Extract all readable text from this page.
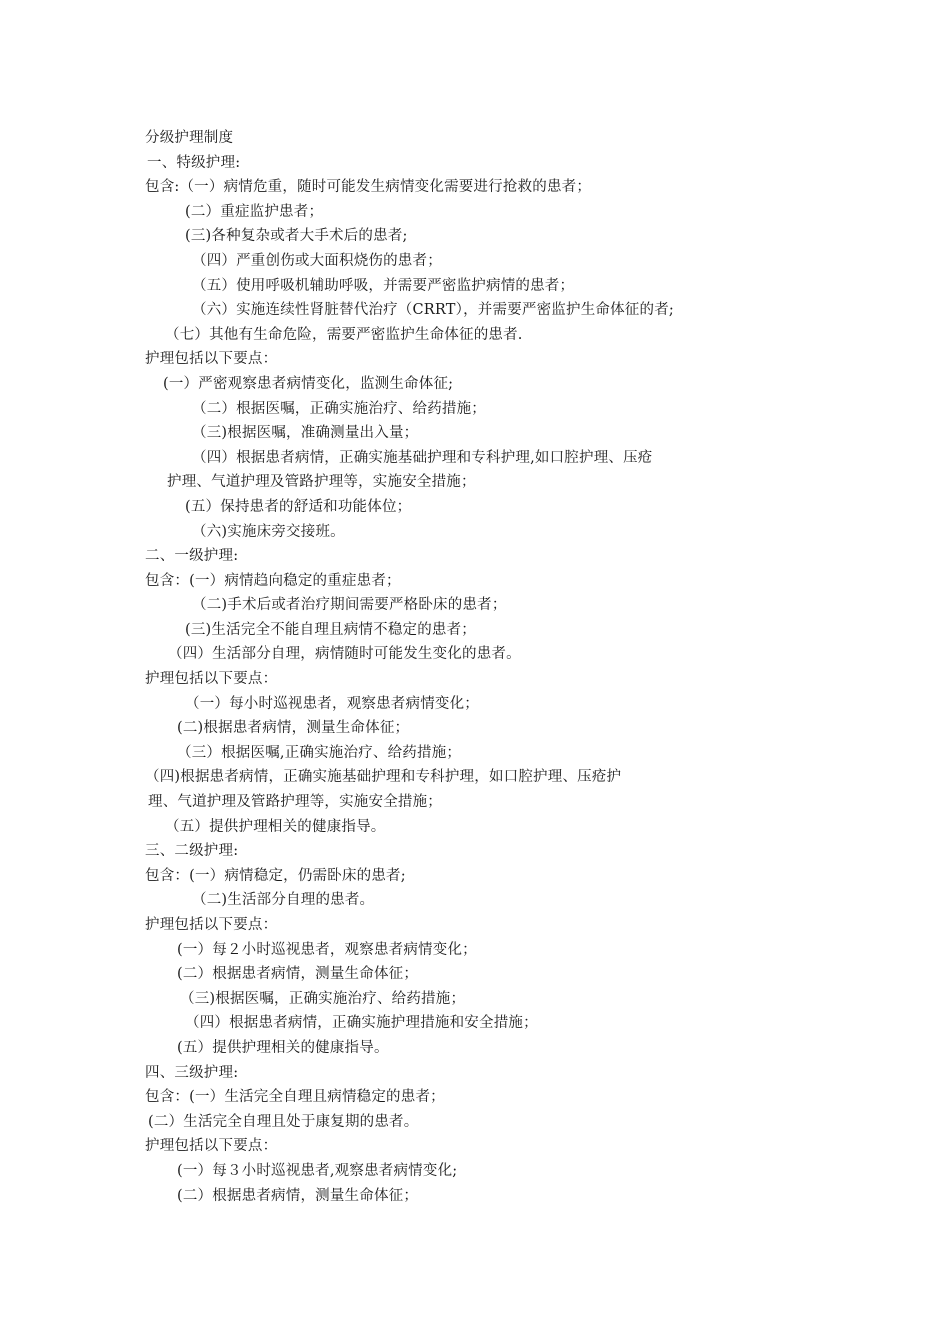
分级护理制度
一、特级护理:
包含:（一）病情危重，随时可能发生病情变化需要进行抢救的患者；
(二）重症监护患者；
(三)各种复杂或者大手术后的患者;
（四）严重创伤或大面积烧伤的患者；
（五）使用呼吸机辅助呼吸，并需要严密监护病情的患者；
（六）实施连续性肾脏替代治疗（CRRT），并需要严密监护生命体征的者;
（七）其他有生命危险，需要严密监护生命体征的患者.
护理包括以下要点：
(一）严密观察患者病情变化，监测生命体征;
（二）根据医嘱，正确实施治疗、给药措施；
（三)根据医嘱，准确测量出入量；
（四）根据患者病情，正确实施基础护理和专科护理,如口腔护理、压疮
护理、气道护理及管路护理等，实施安全措施；
(五）保持患者的舒适和功能体位；
（六)实施床旁交接班。
二、一级护理:
包含：(一）病情趋向稳定的重症患者；
（二)手术后或者治疗期间需要严格卧床的患者；
(三)生活完全不能自理且病情不稳定的患者；
（四）生活部分自理，病情随时可能发生变化的患者。
护理包括以下要点：
（一）每小时巡视患者，观察患者病情变化；
(二)根据患者病情，测量生命体征；
（三）根据医嘱,正确实施治疗、给药措施；
（四)根据患者病情，正确实施基础护理和专科护理，如口腔护理、压疮护
理、气道护理及管路护理等，实施安全措施；
（五）提供护理相关的健康指导。
三、二级护理:
包含：(一）病情稳定，仍需卧床的患者;
（二)生活部分自理的患者。
护理包括以下要点：
(一）每２小时巡视患者，观察患者病情变化；
(二）根据患者病情，测量生命体征；
（三)根据医嘱，正确实施治疗、给药措施；
（四）根据患者病情，正确实施护理措施和安全措施；
(五）提供护理相关的健康指导。
四、三级护理:
包含：(一）生活完全自理且病情稳定的患者；
(二）生活完全自理且处于康复期的患者。
护理包括以下要点：
(一）每３小时巡视患者,观察患者病情变化;
(二）根据患者病情，测量生命体征；
